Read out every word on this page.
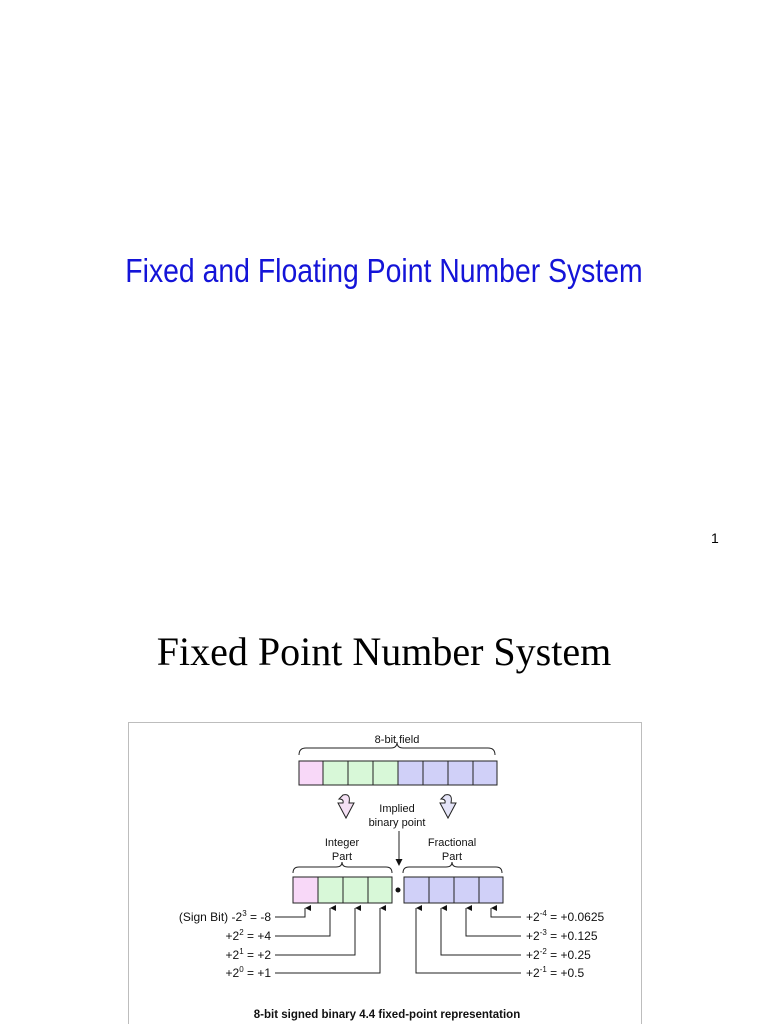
Fixed and Floating Point Number System
1
Fixed Point Number System
8-bit field
Implied
binary point
Integer
Part
Fractional
Part
(Sign Bit) $-2^3 = -8$
$+2^2 = +4$
$+2^1 = +2$
$+2^0 = +1$
$+2^{-4} = +0.0625$
$+2^{-3} = +0.125$
$+2^{-2} = +0.25$
$+2^{-1} = +0.5$
8-bit signed binary 4.4 fixed-point representation
